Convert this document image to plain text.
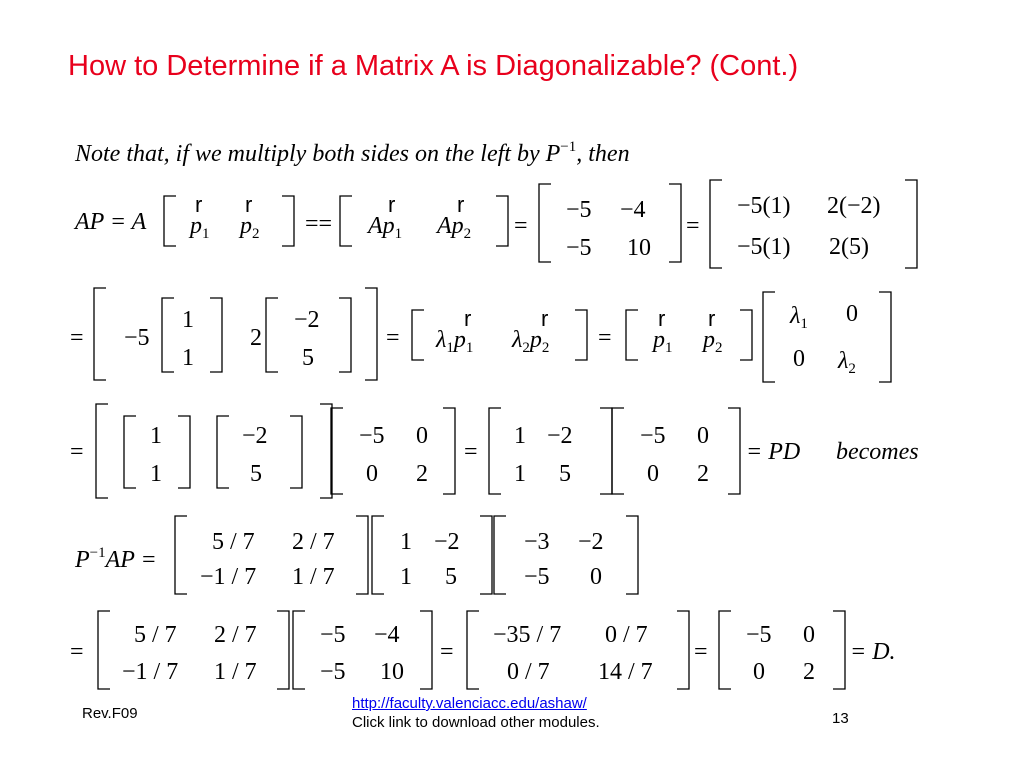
How to Determine if a Matrix A is Diagonalizable? (Cont.)
Note that, if we multiply both sides on the left by $P^{-1}$, then
AP = A
r
$p_1$
r
$p_2$ ==
r
$Ap_1$
r
$Ap_2$ =
−5 −4
−5 10
=
−5(1) 2(−2)
−5(1) 2(5)
= −5
1
1
2
−2
5
=
r
$\lambda_1p_1$
r
$\lambda_2p_2$ =
r
$p_1$
r
$p_2$
$\lambda_1$ 0
0 $\lambda_2$
=
1
1
−2
5
−5 0
0 2
=
1 −2
1 5
−5 0
0 2
= PD becomes
$P^{-1}AP$ =
5 / 7 2 / 7
−1 / 7 1 / 7
1 −2
1 5
−3 −2
−5 0
=
5 / 7 2 / 7
−1 / 7 1 / 7
−5 −4
−5 10
=
−35 / 7 0 / 7
0 / 7 14 / 7
=
−5 0
0 2
= D.
Rev.F09
http://faculty.valenciacc.edu/ashaw/
Click link to download other modules.	13
